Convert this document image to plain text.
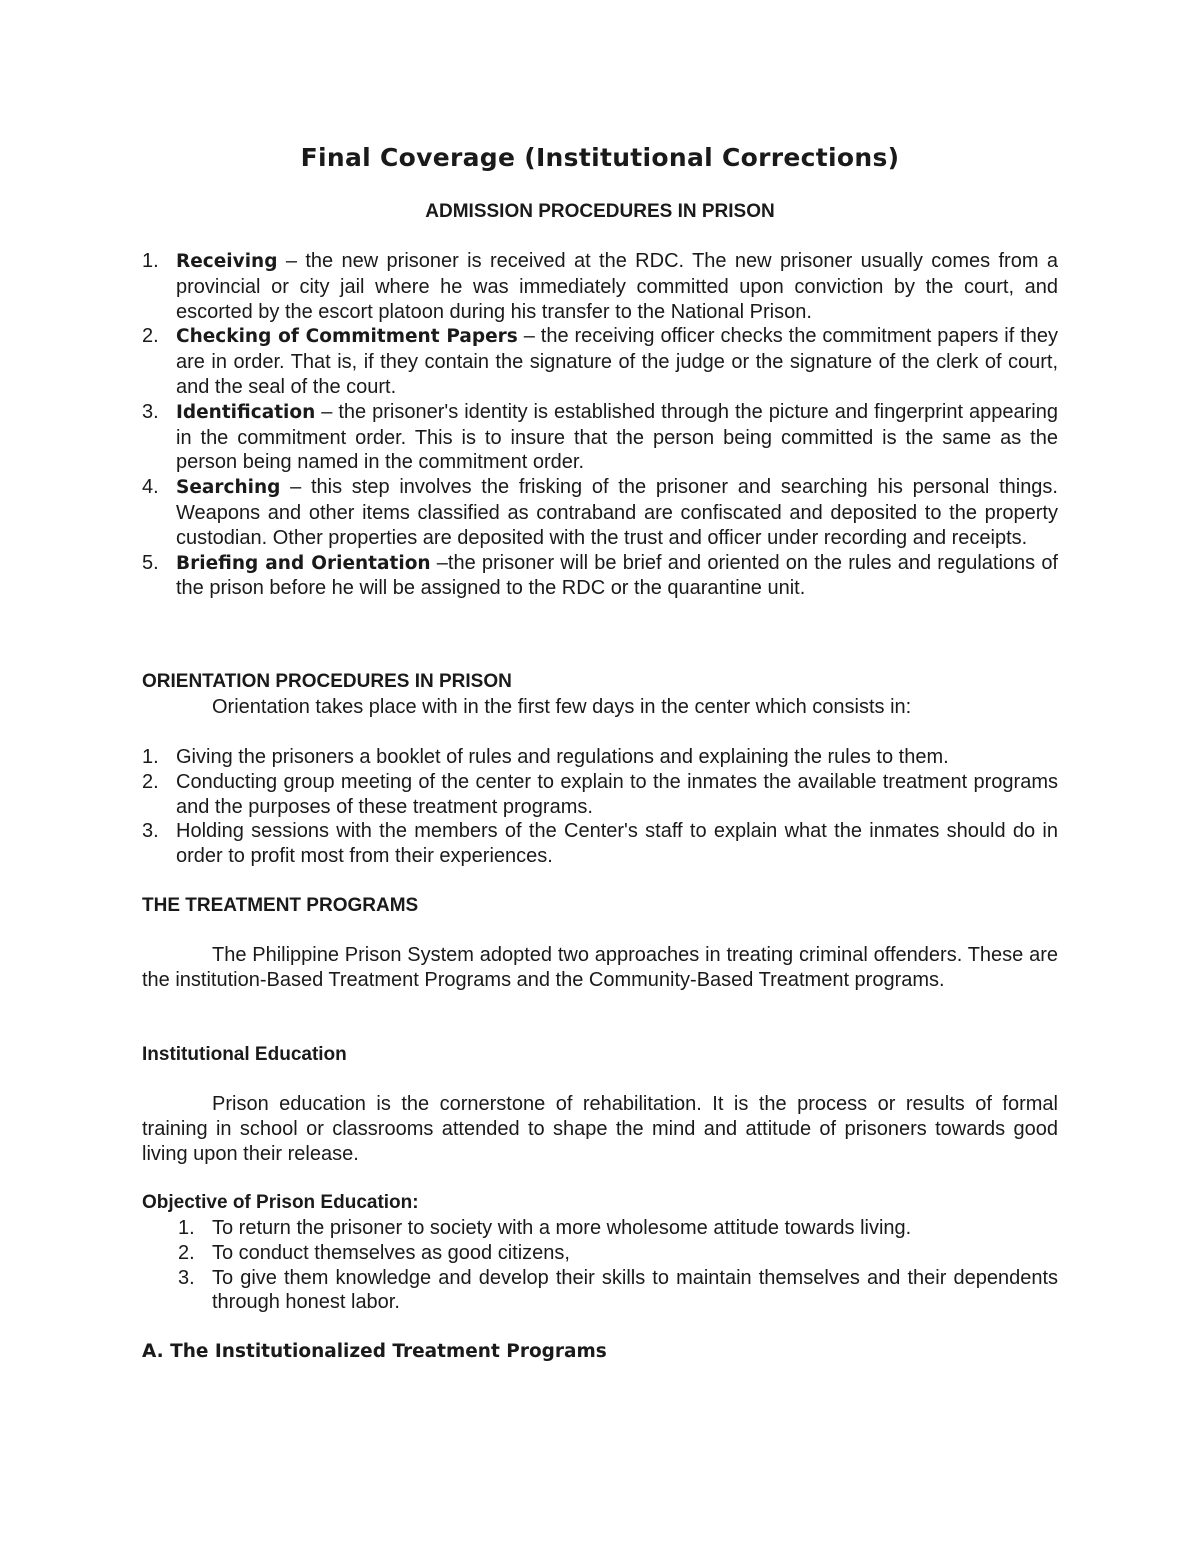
Final Coverage (Institutional Corrections)
ADMISSION PROCEDURES IN PRISON
1. Receiving – the new prisoner is received at the RDC. The new prisoner usually comes from a provincial or city jail where he was immediately committed upon conviction by the court, and escorted by the escort platoon during his transfer to the National Prison.
2. Checking of Commitment Papers – the receiving officer checks the commitment papers if they are in order. That is, if they contain the signature of the judge or the signature of the clerk of court, and the seal of the court.
3. Identification – the prisoner's identity is established through the picture and fingerprint appearing in the commitment order. This is to insure that the person being committed is the same as the person being named in the commitment order.
4. Searching – this step involves the frisking of the prisoner and searching his personal things. Weapons and other items classified as contraband are confiscated and deposited to the property custodian. Other properties are deposited with the trust and officer under recording and receipts.
5. Briefing and Orientation –the prisoner will be brief and oriented on the rules and regulations of the prison before he will be assigned to the RDC or the quarantine unit.
ORIENTATION PROCEDURES IN PRISON

Orientation takes place with in the first few days in the center which consists in:

1. Giving the prisoners a booklet of rules and regulations and explaining the rules to them.
2. Conducting group meeting of the center to explain to the inmates the available treatment programs and the purposes of these treatment programs.
3. Holding sessions with the members of the Center's staff to explain what the inmates should do in order to profit most from their experiences.
THE TREATMENT PROGRAMS

The Philippine Prison System adopted two approaches in treating criminal offenders. These are the institution-Based Treatment Programs and the Community-Based Treatment programs.

Institutional Education

Prison education is the cornerstone of rehabilitation. It is the process or results of formal training in school or classrooms attended to shape the mind and attitude of prisoners towards good living upon their release.

Objective of Prison Education:
1. To return the prisoner to society with a more wholesome attitude towards living.
2. To conduct themselves as good citizens,
3. To give them knowledge and develop their skills to maintain themselves and their dependents through honest labor.
A. The Institutionalized Treatment Programs
